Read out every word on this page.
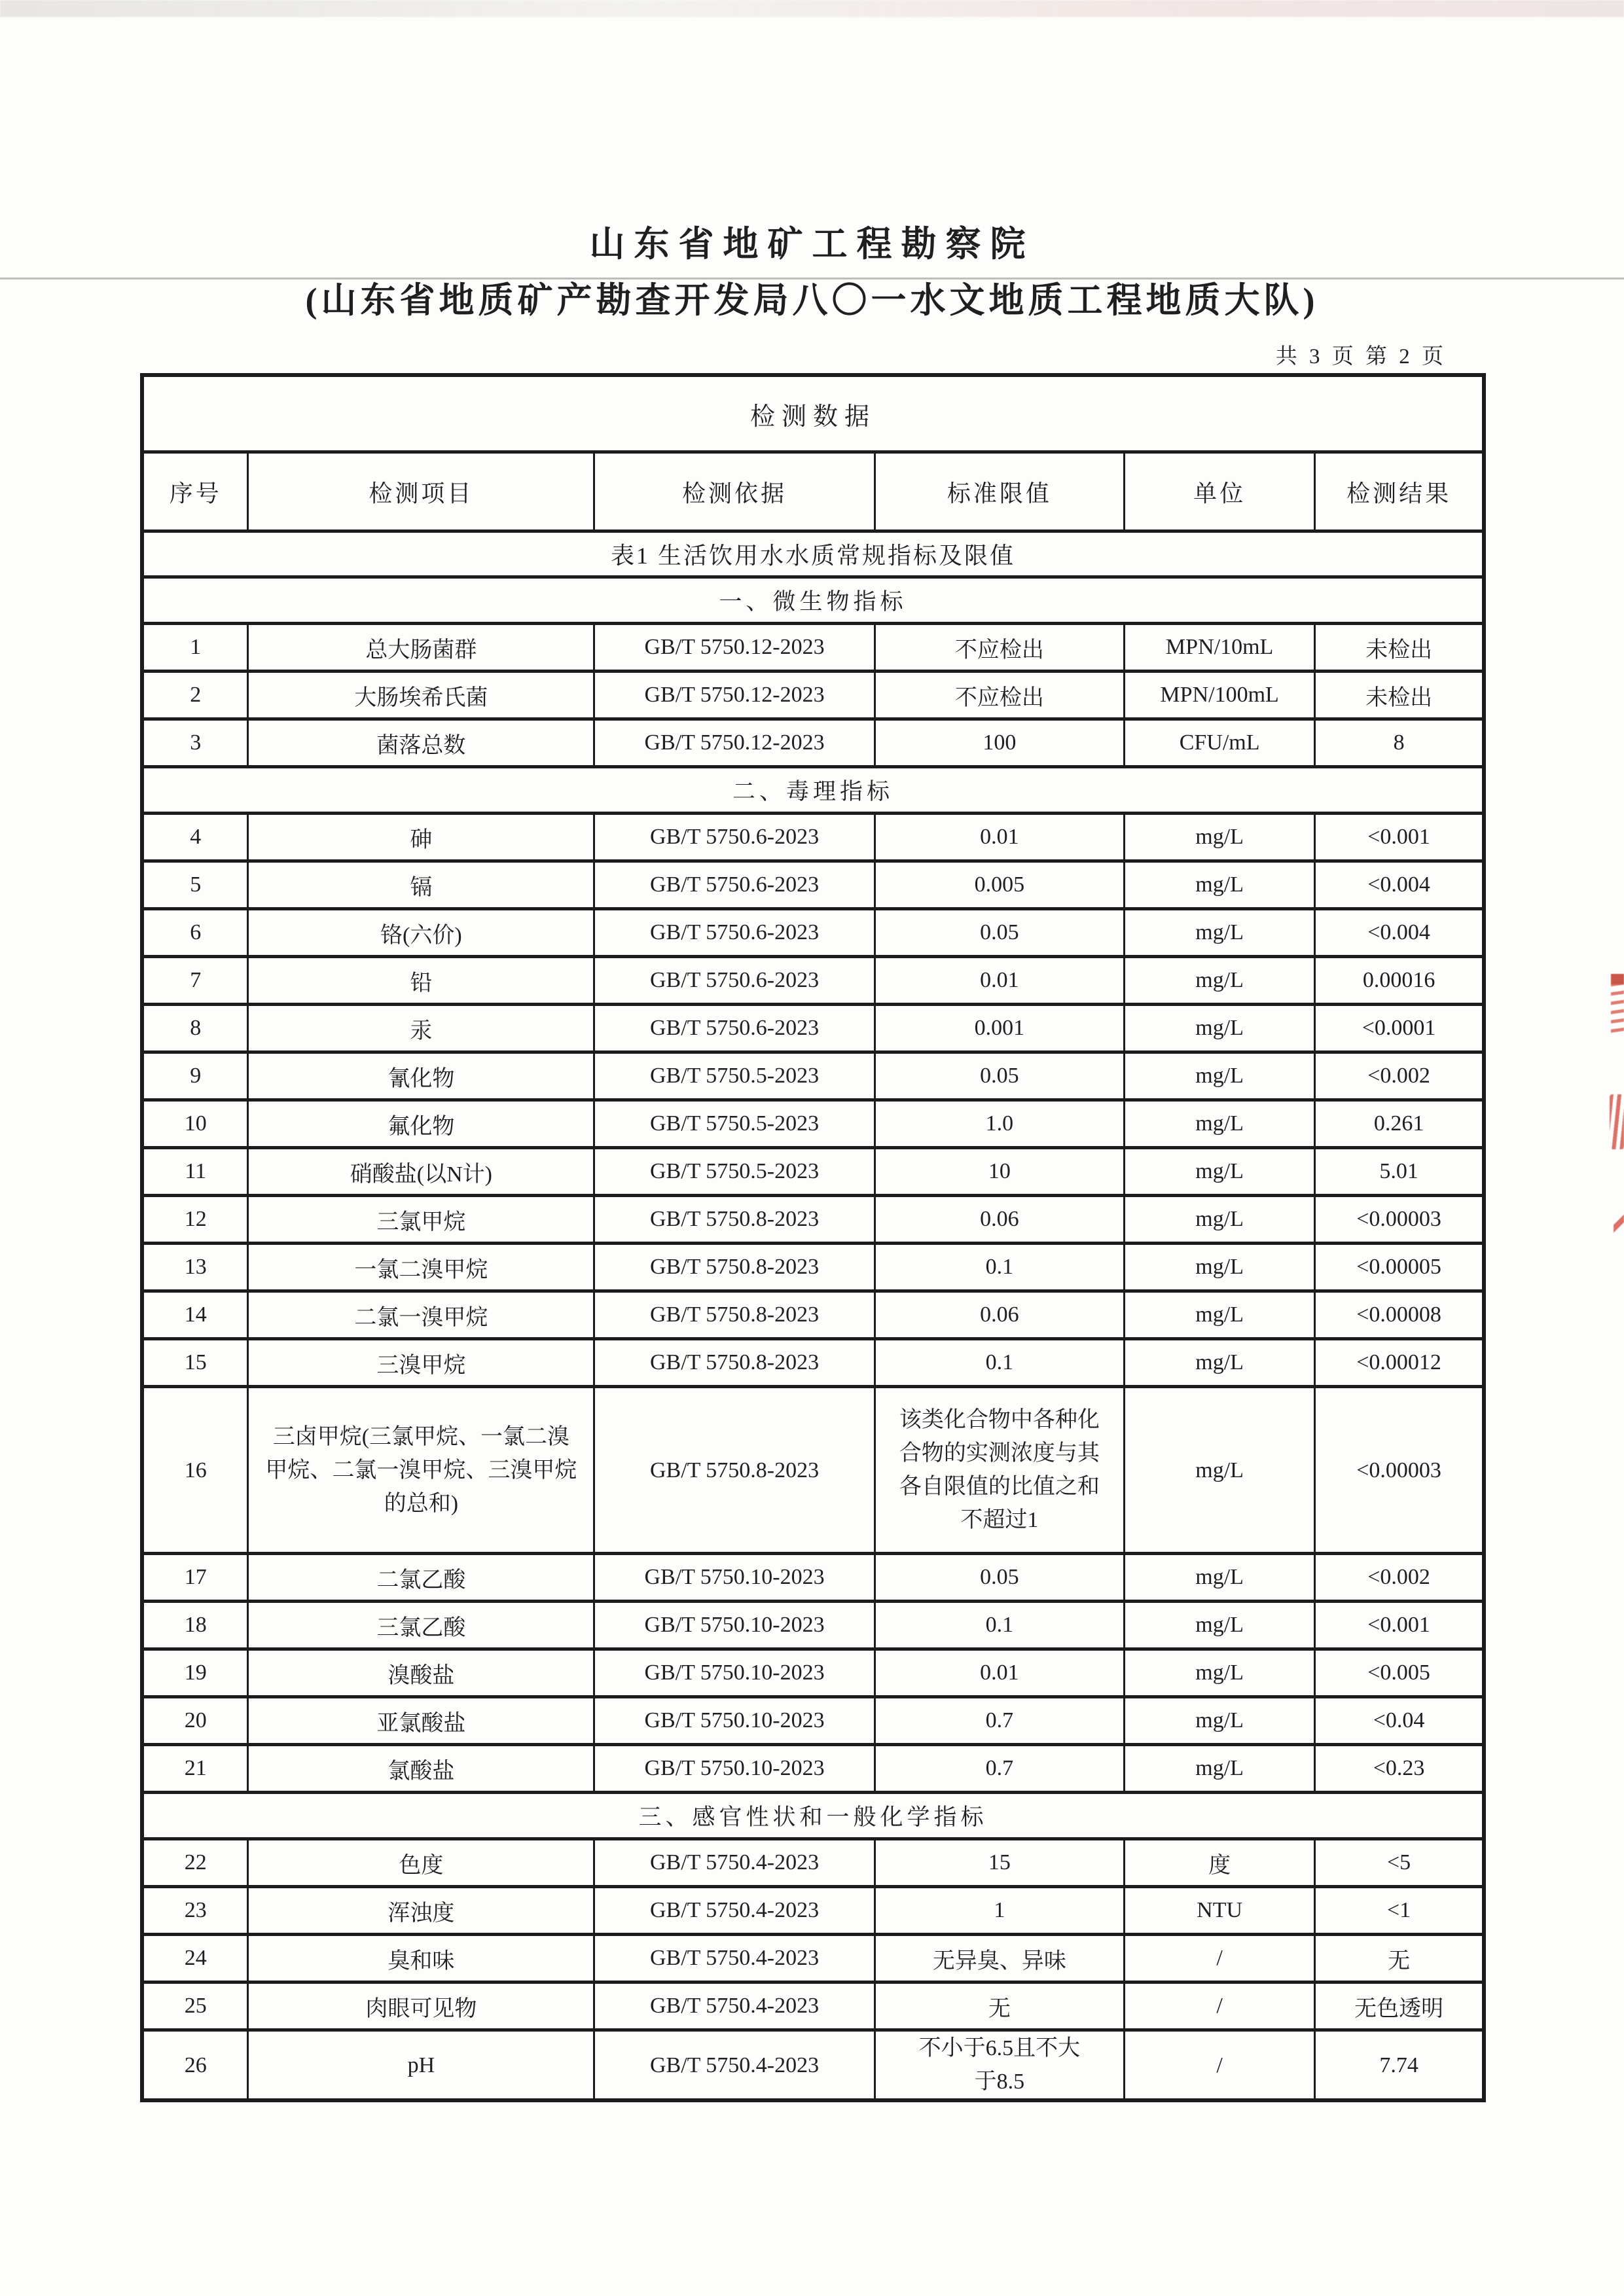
山东省地矿工程勘察院
(山东省地质矿产勘查开发局八〇一水文地质工程地质大队)
共 3 页 第 2 页
检测数据					
序号	检测项目	检测依据	标准限值	单位	检测结果
表1 生活饮用水水质常规指标及限值					
一、微生物指标					
1	总大肠菌群	GB/T 5750.12-2023	不应检出	MPN/10mL	未检出
2	大肠埃希氏菌	GB/T 5750.12-2023	不应检出	MPN/100mL	未检出
3	菌落总数	GB/T 5750.12-2023	100	CFU/mL	8
二、毒理指标					
4	砷	GB/T 5750.6-2023	0.01	mg/L	<0.001
5	镉	GB/T 5750.6-2023	0.005	mg/L	<0.004
6	铬(六价)	GB/T 5750.6-2023	0.05	mg/L	<0.004
7	铅	GB/T 5750.6-2023	0.01	mg/L	0.00016
8	汞	GB/T 5750.6-2023	0.001	mg/L	<0.0001
9	氰化物	GB/T 5750.5-2023	0.05	mg/L	<0.002
10	氟化物	GB/T 5750.5-2023	1.0	mg/L	0.261
11	硝酸盐(以N计)	GB/T 5750.5-2023	10	mg/L	5.01
12	三氯甲烷	GB/T 5750.8-2023	0.06	mg/L	<0.00003
13	一氯二溴甲烷	GB/T 5750.8-2023	0.1	mg/L	<0.00005
14	二氯一溴甲烷	GB/T 5750.8-2023	0.06	mg/L	<0.00008
15	三溴甲烷	GB/T 5750.8-2023	0.1	mg/L	<0.00012
16	三卤甲烷(三氯甲烷、一氯二溴甲烷、二氯一溴甲烷、三溴甲烷的总和)	GB/T 5750.8-2023	该类化合物中各种化合物的实测浓度与其各自限值的比值之和不超过1	mg/L	<0.00003
17	二氯乙酸	GB/T 5750.10-2023	0.05	mg/L	<0.002
18	三氯乙酸	GB/T 5750.10-2023	0.1	mg/L	<0.001
19	溴酸盐	GB/T 5750.10-2023	0.01	mg/L	<0.005
20	亚氯酸盐	GB/T 5750.10-2023	0.7	mg/L	<0.04
21	氯酸盐	GB/T 5750.10-2023	0.7	mg/L	<0.23
三、感官性状和一般化学指标					
22	色度	GB/T 5750.4-2023	15	度	<5
23	浑浊度	GB/T 5750.4-2023	1	NTU	<1
24	臭和味	GB/T 5750.4-2023	无异臭、异味	/	无
25	肉眼可见物	GB/T 5750.4-2023	无	/	无色透明
26	pH	GB/T 5750.4-2023	不小于6.5且不大于8.5	/	7.74
